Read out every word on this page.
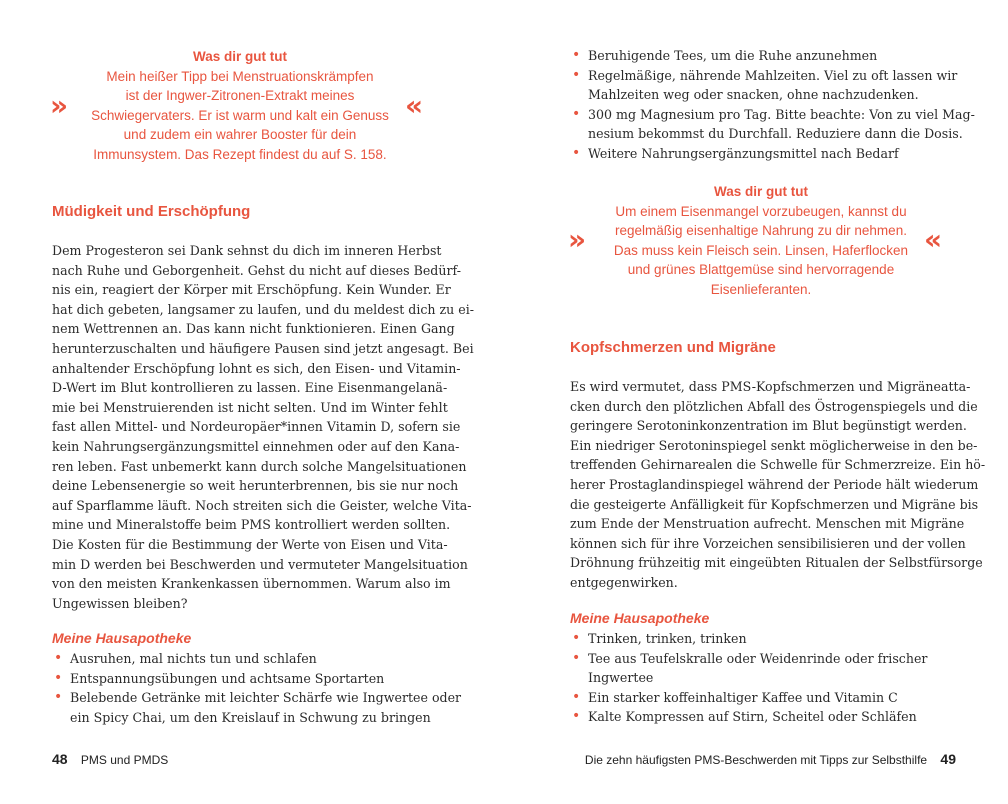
»	«
Was dir gut tut
Mein heißer Tipp bei Menstruationskrämpfen
ist der Ingwer-Zitronen-Extrakt meines
Schwiegervaters. Er ist warm und kalt ein Genuss
und zudem ein wahrer Booster für dein
Immunsystem. Das Rezept findest du auf S. 158.
Müdigkeit und Erschöpfung
Dem Progesteron sei Dank sehnst du dich im inneren Herbst
nach Ruhe und Geborgenheit. Gehst du nicht auf dieses Bedürf-
nis ein, reagiert der Körper mit Erschöpfung. Kein Wunder. Er
hat dich gebeten, langsamer zu laufen, und du meldest dich zu ei-
nem Wettrennen an. Das kann nicht funktionieren. Einen Gang
herunterzuschalten und häufigere Pausen sind jetzt angesagt. Bei
anhaltender Erschöpfung lohnt es sich, den Eisen- und Vitamin-
D-Wert im Blut kontrollieren zu lassen. Eine Eisenmangelanä-
mie bei Menstruierenden ist nicht selten. Und im Winter fehlt
fast allen Mittel- und Nordeuropäer*innen Vitamin D, sofern sie
kein Nahrungsergänzungsmittel einnehmen oder auf den Kana-
ren leben. Fast unbemerkt kann durch solche Mangelsituationen
deine Lebensenergie so weit herunterbrennen, bis sie nur noch
auf Sparflamme läuft. Noch streiten sich die Geister, welche Vita-
mine und Mineralstoffe beim PMS kontrolliert werden sollten.
Die Kosten für die Bestimmung der Werte von Eisen und Vita-
min D werden bei Beschwerden und vermuteter Mangelsituation
von den meisten Krankenkassen übernommen. Warum also im
Ungewissen bleiben?
Meine Hausapotheke
• Ausruhen, mal nichts tun und schlafen
• Entspannungsübungen und achtsame Sportarten
• Belebende Getränke mit leichter Schärfe wie Ingwertee oder
ein Spicy Chai, um den Kreislauf in Schwung zu bringen
48 PMS und PMDS
• Beruhigende Tees, um die Ruhe anzunehmen
• Regelmäßige, nährende Mahlzeiten. Viel zu oft lassen wir
Mahlzeiten weg oder snacken, ohne nachzudenken.
• 300 mg Magnesium pro Tag. Bitte beachte: Von zu viel Mag-
nesium bekommst du Durchfall. Reduziere dann die Dosis.
• Weitere Nahrungsergänzungsmittel nach Bedarf
»	«
Was dir gut tut
Um einem Eisenmangel vorzubeugen, kannst du
regelmäßig eisenhaltige Nahrung zu dir nehmen.
Das muss kein Fleisch sein. Linsen, Haferflocken
und grünes Blattgemüse sind hervorragende
Eisenlieferanten.
Kopfschmerzen und Migräne
Es wird vermutet, dass PMS-Kopfschmerzen und Migräneatta-
cken durch den plötzlichen Abfall des Östrogenspiegels und die
geringere Serotoninkonzentration im Blut begünstigt werden.
Ein niedriger Serotoninspiegel senkt möglicherweise in den be-
treffenden Gehirnarealen die Schwelle für Schmerzreize. Ein hö-
herer Prostaglandinspiegel während der Periode hält wiederum
die gesteigerte Anfälligkeit für Kopfschmerzen und Migräne bis
zum Ende der Menstruation aufrecht. Menschen mit Migräne
können sich für ihre Vorzeichen sensibilisieren und der vollen
Dröhnung frühzeitig mit eingeübten Ritualen der Selbstfürsorge
entgegenwirken.
Meine Hausapotheke
• Trinken, trinken, trinken
• Tee aus Teufelskralle oder Weidenrinde oder frischer
Ingwertee
• Ein starker koffeinhaltiger Kaffee und Vitamin C
• Kalte Kompressen auf Stirn, Scheitel oder Schläfen
Die zehn häufigsten PMS-Beschwerden mit Tipps zur Selbsthilfe 49
